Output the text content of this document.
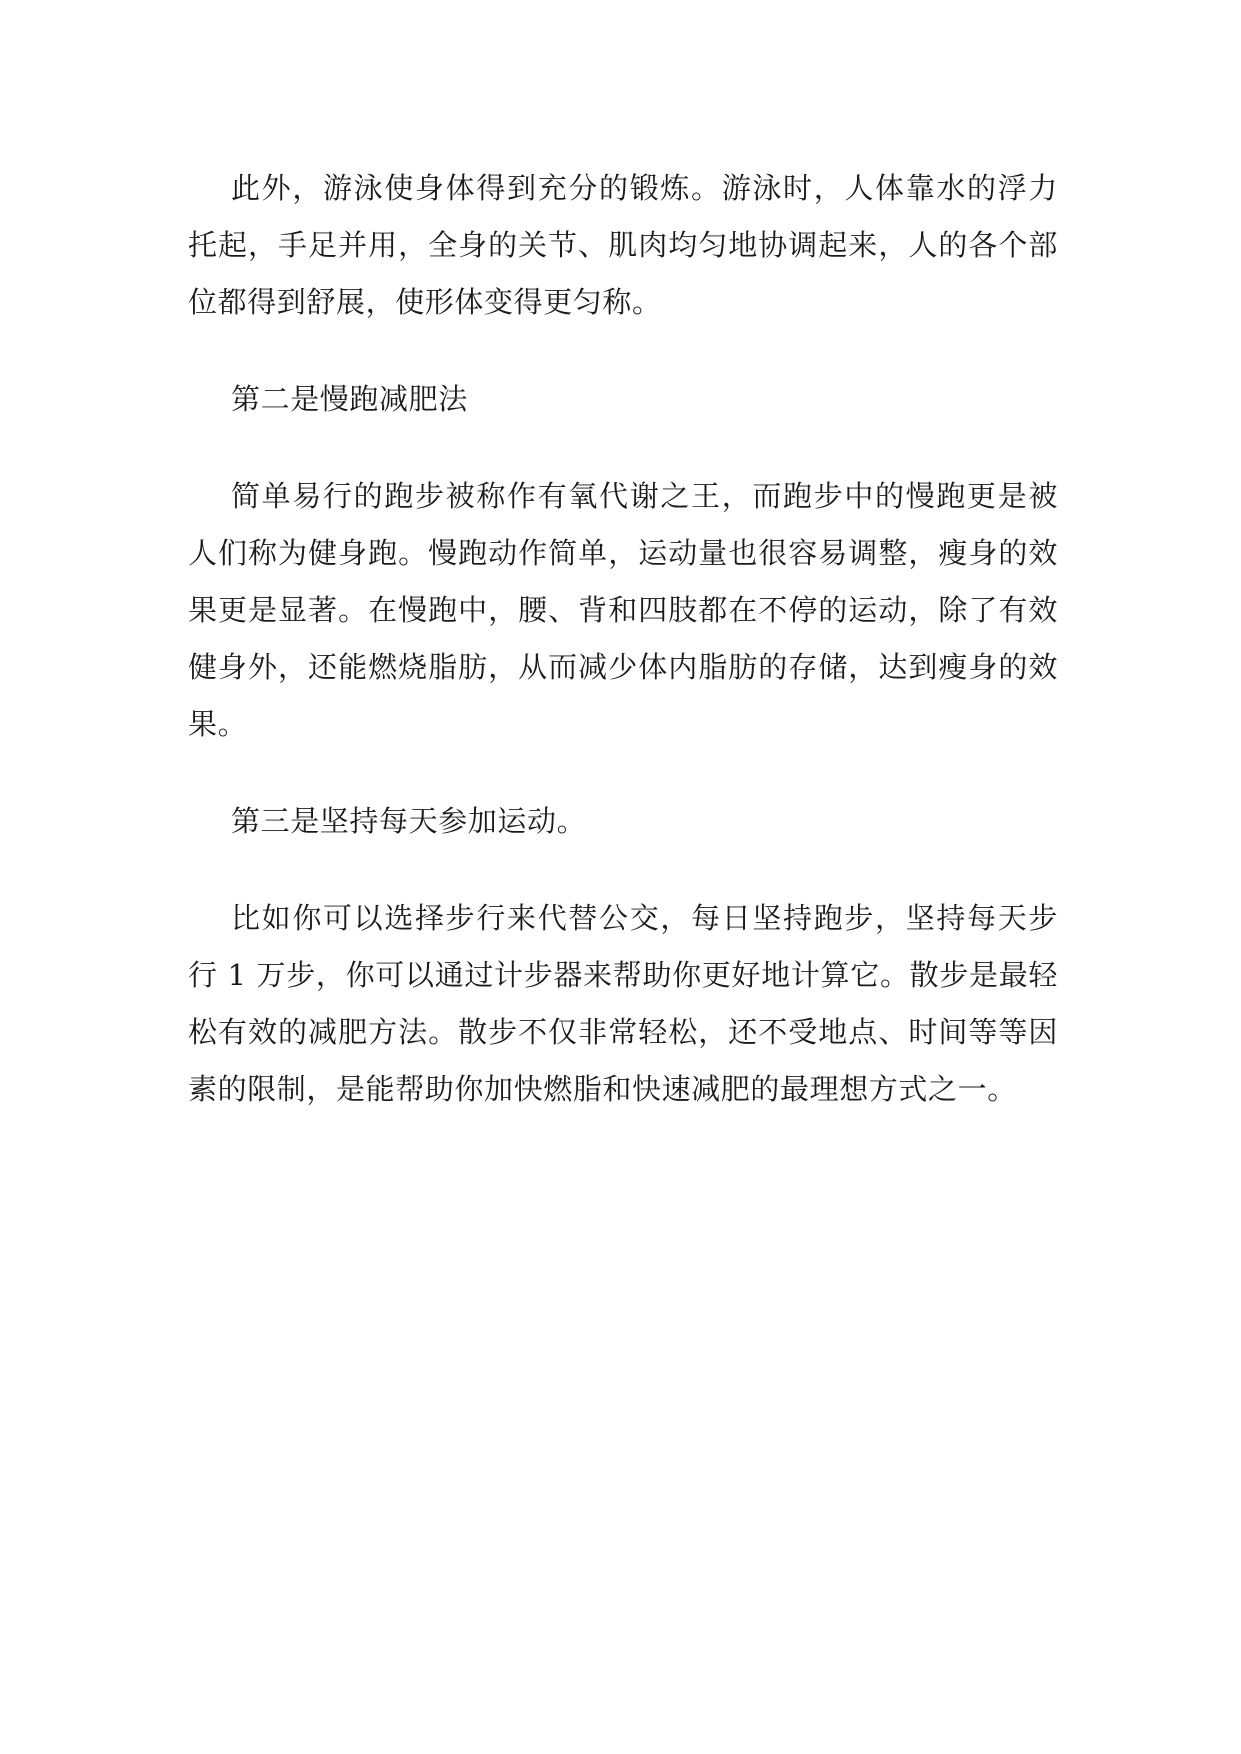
此外，游泳使身体得到充分的锻炼。游泳时，人体靠水的浮力托起，手足并用，全身的关节、肌肉均匀地协调起来，人的各个部位都得到舒展，使形体变得更匀称。

第二是慢跑减肥法

简单易行的跑步被称作有氧代谢之王，而跑步中的慢跑更是被人们称为健身跑。慢跑动作简单，运动量也很容易调整，瘦身的效果更是显著。在慢跑中，腰、背和四肢都在不停的运动，除了有效健身外，还能燃烧脂肪，从而减少体内脂肪的存储，达到瘦身的效果。

第三是坚持每天参加运动。

比如你可以选择步行来代替公交，每日坚持跑步，坚持每天步行 1 万步，你可以通过计步器来帮助你更好地计算它。散步是最轻松有效的减肥方法。散步不仅非常轻松，还不受地点、时间等等因素的限制，是能帮助你加快燃脂和快速减肥的最理想方式之一。
